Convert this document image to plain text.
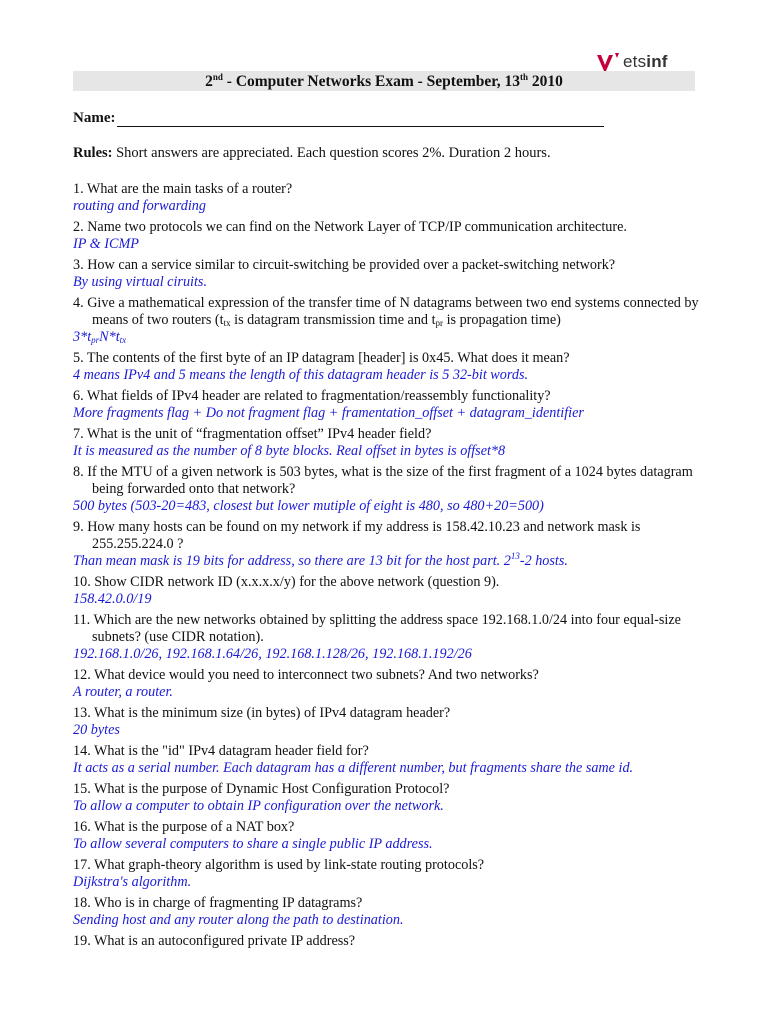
etsinf
2nd - Computer Networks Exam - September, 13th 2010
Name:
Rules: Short answers are appreciated. Each question scores 2%. Duration 2 hours.
1. What are the main tasks of a router?
routing and forwarding
2. Name two protocols we can find on the Network Layer of TCP/IP communication architecture.
IP & ICMP
3. How can a service similar to circuit-switching be provided over a packet-switching network?
By using virtual ciruits.
4. Give a mathematical expression of the transfer time of N datagrams between two end systems connected by means of two routers ($t_{tx}$ is datagram transmission time and $t_{pr}$ is propagation time)
$3*t_{pr}N*t_{tx}$
5. The contents of the first byte of an IP datagram [header] is 0x45. What does it mean?
4 means IPv4 and 5 means the length of this datagram header is 5 32-bit words.
6. What fields of IPv4 header are related to fragmentation/reassembly functionality?
More fragments flag + Do not fragment flag + framentation_offset + datagram_identifier
7. What is the unit of “fragmentation offset” IPv4 header field?
It is measured as the number of 8 byte blocks. Real offset in bytes is offset*8
8. If the MTU of a given network is 503 bytes, what is the size of the first fragment of a 1024 bytes datagram being forwarded onto that network?
500 bytes (503-20=483, closest but lower mutiple of eight is 480, so 480+20=500)
9. How many hosts can be found on my network if my address is 158.42.10.23 and network mask is 255.255.224.0 ?
Than mean mask is 19 bits for address, so there are 13 bit for the host part. $2^{13}-2$ hosts.
10. Show CIDR network ID (x.x.x.x/y) for the above network (question 9).
158.42.0.0/19
11. Which are the new networks obtained by splitting the address space 192.168.1.0/24 into four equal-size subnets? (use CIDR notation).
192.168.1.0/26, 192.168.1.64/26, 192.168.1.128/26, 192.168.1.192/26
12. What device would you need to interconnect two subnets? And two networks?
A router, a router.
13. What is the minimum size (in bytes) of IPv4 datagram header?
20 bytes
14. What is the "id" IPv4 datagram header field for?
It acts as a serial number. Each datagram has a different number, but fragments share the same id.
15. What is the purpose of Dynamic Host Configuration Protocol?
To allow a computer to obtain IP configuration over the network.
16. What is the purpose of a NAT box?
To allow several computers to share a single public IP address.
17. What graph-theory algorithm is used by link-state routing protocols?
Dijkstra's algorithm.
18. Who is in charge of fragmenting IP datagrams?
Sending host and any router along the path to destination.
19. What is an autoconfigured private IP address?
